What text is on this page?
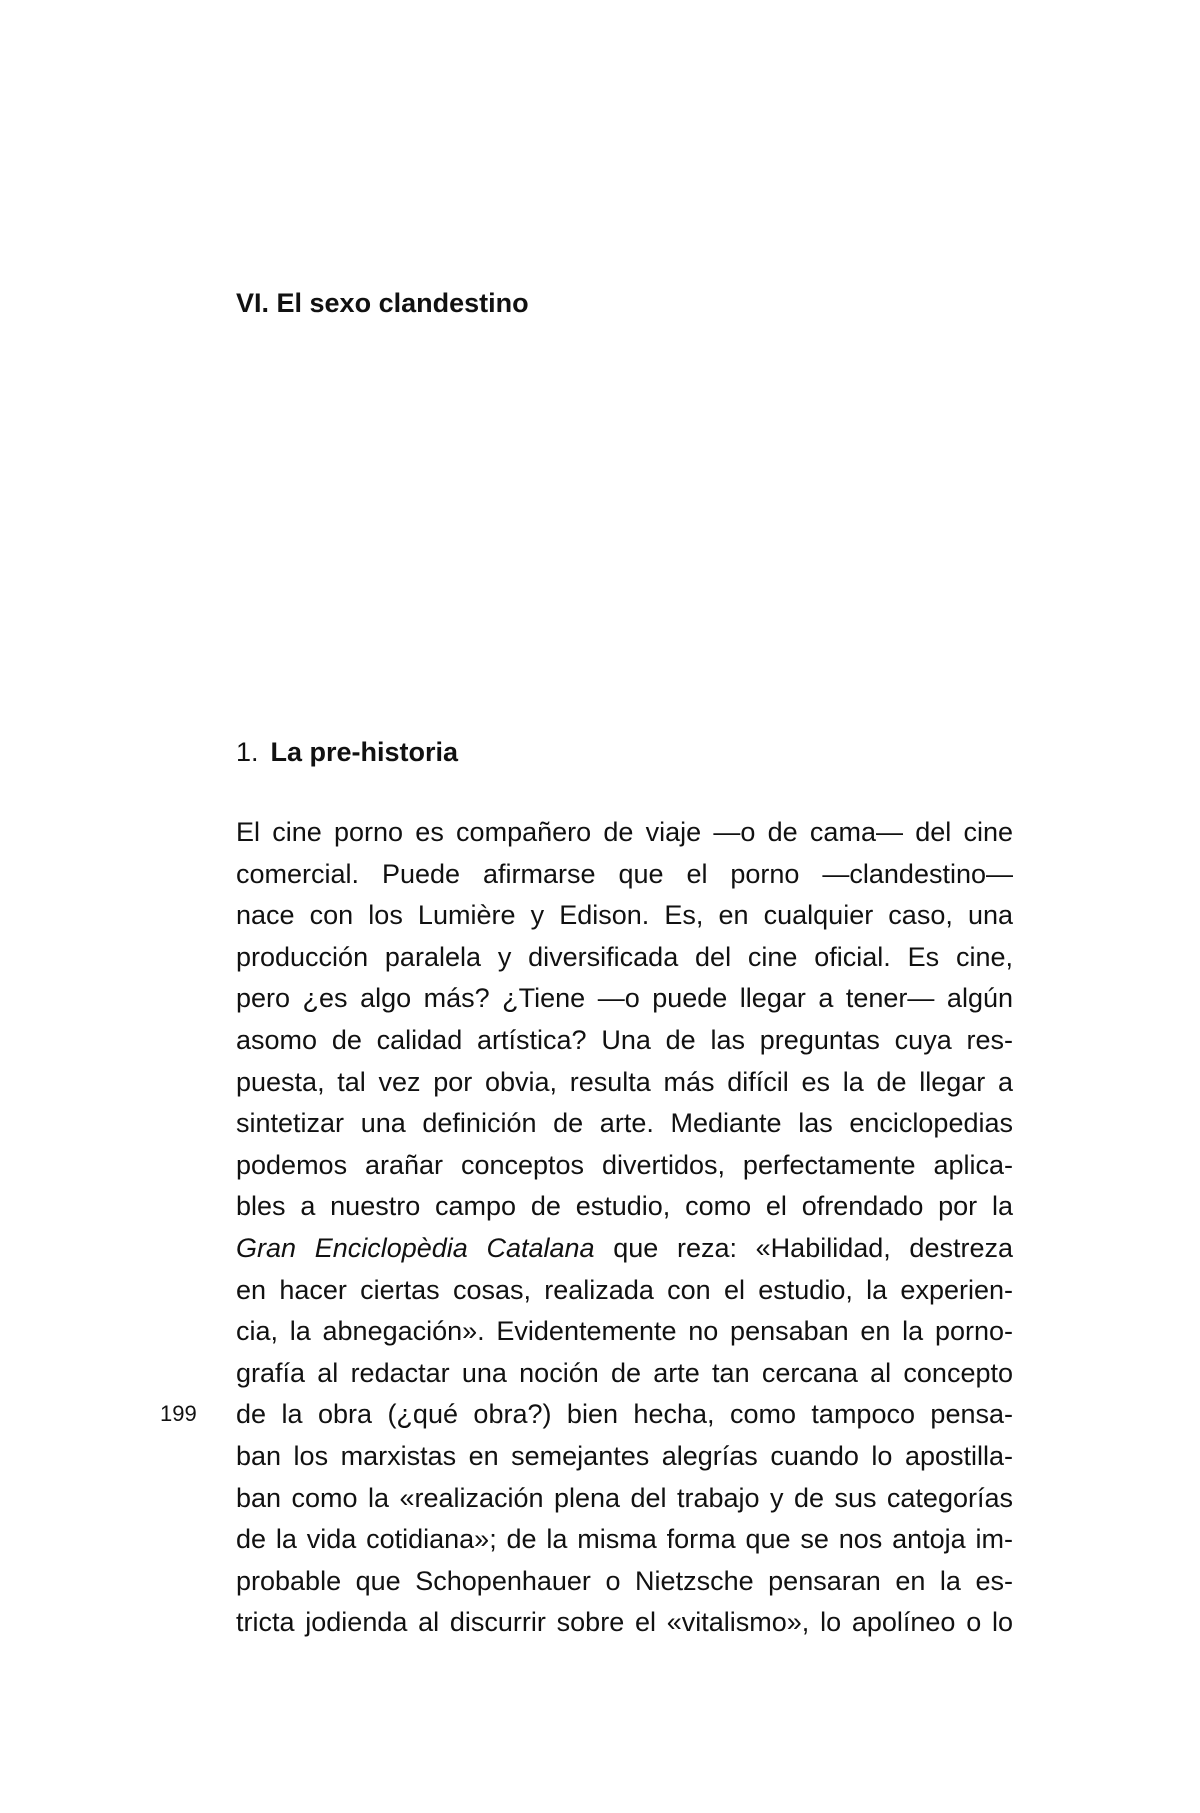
VI. El sexo clandestino
1. La pre-historia
El cine porno es compañero de viaje —o de cama— del cine
comercial. Puede afirmarse que el porno —clandestino—
nace con los Lumière y Edison. Es, en cualquier caso, una
producción paralela y diversificada del cine oficial. Es cine,
pero ¿es algo más? ¿Tiene —o puede llegar a tener— algún
asomo de calidad artística? Una de las preguntas cuya res-
puesta, tal vez por obvia, resulta más difícil es la de llegar a
sintetizar una definición de arte. Mediante las enciclopedias
podemos arañar conceptos divertidos, perfectamente aplica-
bles a nuestro campo de estudio, como el ofrendado por la
Gran Enciclopèdia Catalana que reza: «Habilidad, destreza
en hacer ciertas cosas, realizada con el estudio, la experien-
cia, la abnegación». Evidentemente no pensaban en la porno-
grafía al redactar una noción de arte tan cercana al concepto
de la obra (¿qué obra?) bien hecha, como tampoco pensa-
ban los marxistas en semejantes alegrías cuando lo apostilla-
ban como la «realización plena del trabajo y de sus categorías
de la vida cotidiana»; de la misma forma que se nos antoja im-
probable que Schopenhauer o Nietzsche pensaran en la es-
tricta jodienda al discurrir sobre el «vitalismo», lo apolíneo o lo
199
